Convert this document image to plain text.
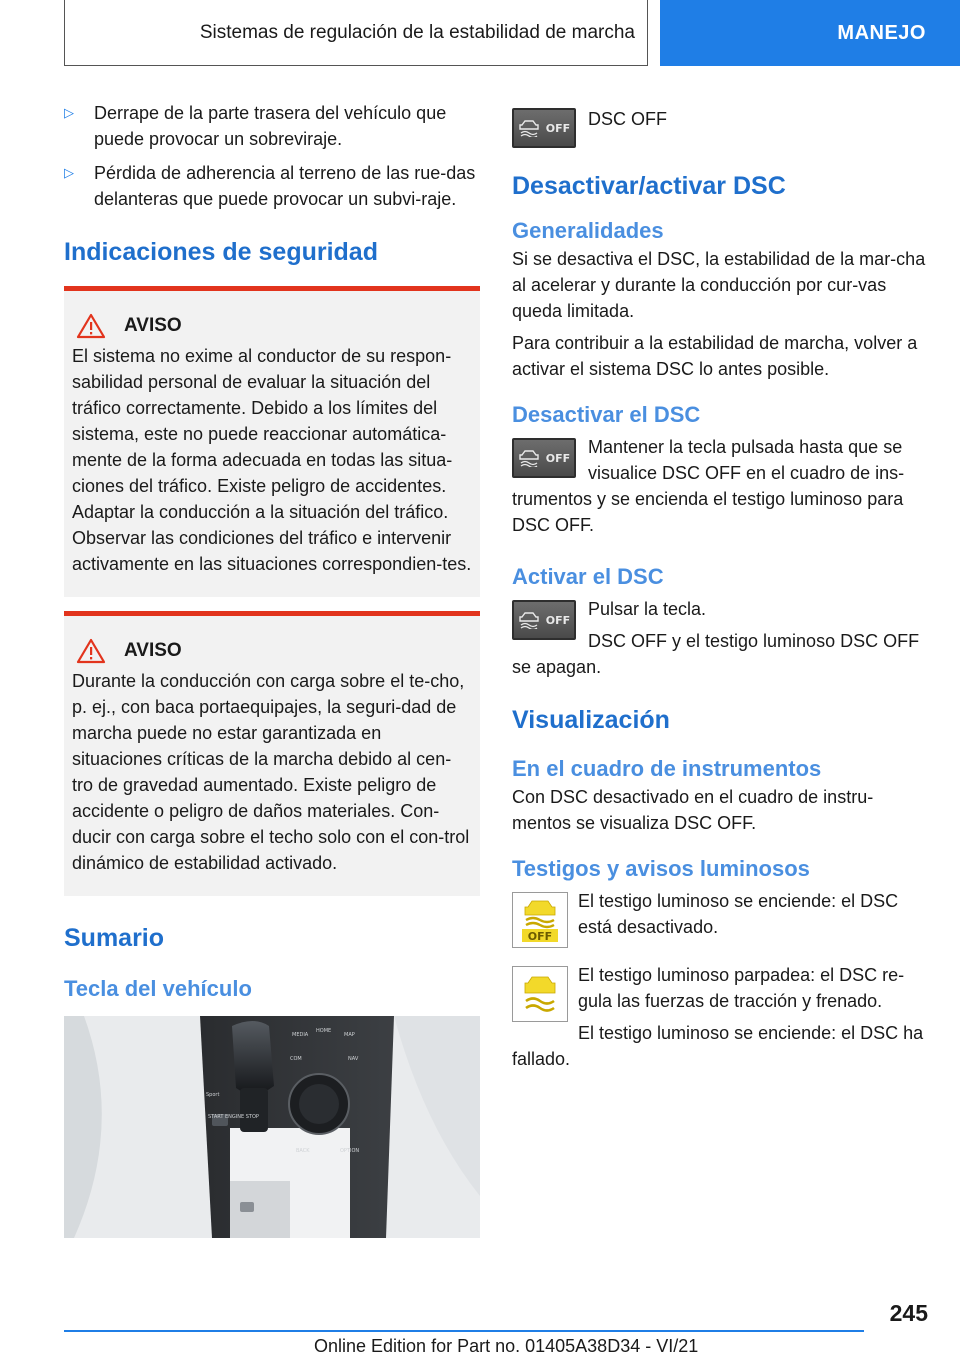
Sistemas de regulación de la estabilidad de marcha	MANEJO
▷ Derrape de la parte trasera del vehículo que puede provocar un sobreviraje.
▷ Pérdida de adherencia al terreno de las rue-das delanteras que puede provocar un subvi-raje.
Indicaciones de seguridad
AVISO

El sistema no exime al conductor de su respon-sabilidad personal de evaluar la situación del tráfico correctamente. Debido a los límites del sistema, este no puede reaccionar automática-mente de la forma adecuada en todas las situa-ciones del tráfico. Existe peligro de accidentes. Adaptar la conducción a la situación del tráfico. Observar las condiciones del tráfico e intervenir activamente en las situaciones correspondien-tes.

AVISO

Durante la conducción con carga sobre el te-cho, p. ej., con baca portaequipajes, la seguri-dad de marcha puede no estar garantizada en situaciones críticas de la marcha debido al cen-tro de gravedad aumentado. Existe peligro de accidente o peligro de daños materiales. Con-ducir con carga sobre el techo solo con el con-trol dinámico de estabilidad activado.

Sumario
Tecla del vehículo
START ENGINE STOP
MEDIA
HOME
MAP
COM	NAV
BACK	OPTION
Sport
OFF DSC OFF

Desactivar/activar DSC
Generalidades

Si se desactiva el DSC, la estabilidad de la mar-cha al acelerar y durante la conducción por cur-vas queda limitada.

Para contribuir a la estabilidad de marcha, volver a activar el sistema DSC lo antes posible.

Desactivar el DSC
OFF

Mantener la tecla pulsada hasta que se visualice DSC OFF en el cuadro de ins-trumentos y se encienda el testigo luminoso para DSC OFF.

Activar el DSC
OFF

Pulsar la tecla.

DSC OFF y el testigo luminoso DSC OFF se apagan.

Visualización
En el cuadro de instrumentos

Con DSC desactivado en el cuadro de instru-mentos se visualiza DSC OFF.

Testigos y avisos luminosos
OFF

El testigo luminoso se enciende: el DSC está desactivado.

El testigo luminoso parpadea: el DSC re-gula las fuerzas de tracción y frenado.

El testigo luminoso se enciende: el DSC ha fallado.

245
Online Edition for Part no. 01405A38D34 - VI/21
